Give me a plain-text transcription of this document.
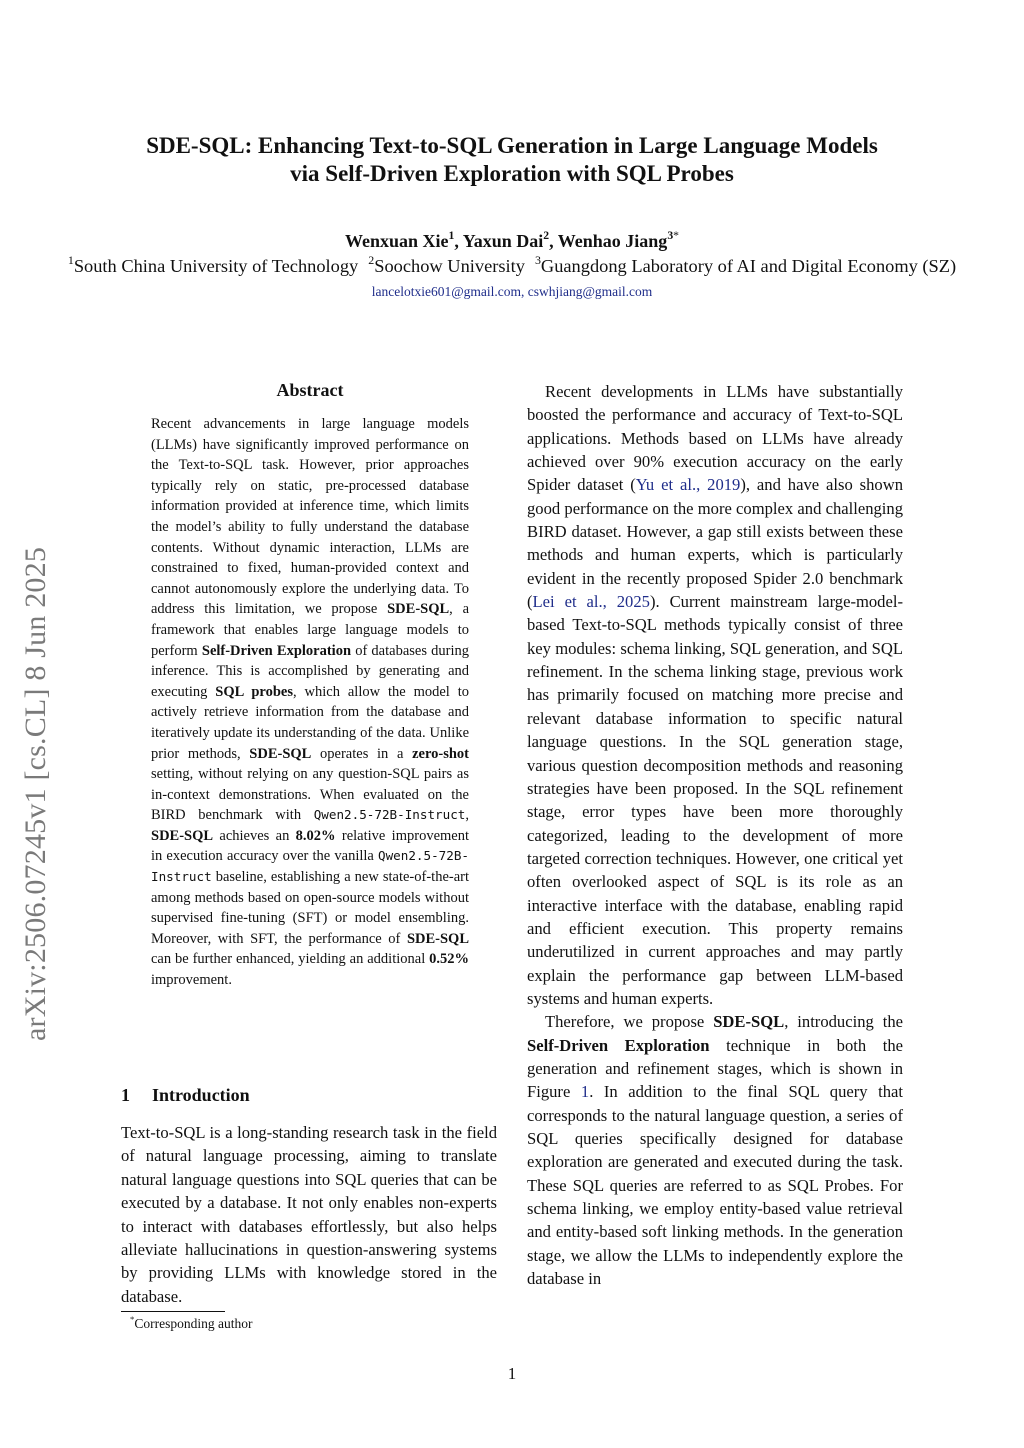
SDE-SQL: Enhancing Text-to-SQL Generation in Large Language Models
via Self-Driven Exploration with SQL Probes
Wenxuan Xie$^1$, Yaxun Dai$^2$, Wenhao Jiang$^{3*}$
$^1$South China University of Technology $^2$Soochow University $^3$Guangdong Laboratory of AI and Digital Economy (SZ)
lancelotxie601@gmail.com, cswhjiang@gmail.com
arXiv:2506.07245v1 [cs.CL] 8 Jun 2025
Abstract
Recent advancements in large language models (LLMs) have significantly improved performance on the Text-to-SQL task. However, prior approaches typically rely on static, pre-processed database information provided at inference time, which limits the model’s ability to fully understand the database contents. Without dynamic interaction, LLMs are constrained to fixed, human-provided context and cannot autonomously explore the underlying data. To address this limitation, we propose SDE-SQL, a framework that enables large language models to perform Self-Driven Exploration of databases during inference. This is accomplished by generating and executing SQL probes, which allow the model to actively retrieve information from the database and iteratively update its understanding of the data. Unlike prior methods, SDE-SQL operates in a zero-shot setting, without relying on any question-SQL pairs as in-context demonstrations. When evaluated on the BIRD benchmark with Qwen2.5-72B-Instruct, SDE-SQL achieves an 8.02% relative improvement in execution accuracy over the vanilla Qwen2.5-72B-Instruct baseline, establishing a new state-of-the-art among methods based on open-source models without supervised fine-tuning (SFT) or model ensembling. Moreover, with SFT, the performance of SDE-SQL can be further enhanced, yielding an additional 0.52% improvement.
1 Introduction
Text-to-SQL is a long-standing research task in the field of natural language processing, aiming to translate natural language questions into SQL queries that can be executed by a database. It not only enables non-experts to interact with databases effortlessly, but also helps alleviate hallucinations in question-answering systems by providing LLMs with knowledge stored in the database.
*Corresponding author

Recent developments in LLMs have substantially boosted the performance and accuracy of Text-to-SQL applications. Methods based on LLMs have already achieved over 90% execution accuracy on the early Spider dataset (Yu et al., 2019), and have also shown good performance on the more complex and challenging BIRD dataset. However, a gap still exists between these methods and human experts, which is particularly evident in the recently proposed Spider 2.0 benchmark (Lei et al., 2025). Current mainstream large-model-based Text-to-SQL methods typically consist of three key modules: schema linking, SQL generation, and SQL refinement. In the schema linking stage, previous work has primarily focused on matching more precise and relevant database information to specific natural language questions. In the SQL generation stage, various question decomposition methods and reasoning strategies have been proposed. In the SQL refinement stage, error types have been more thoroughly categorized, leading to the development of more targeted correction techniques. However, one critical yet often overlooked aspect of SQL is its role as an interactive interface with the database, enabling rapid and efficient execution. This property remains underutilized in current approaches and may partly explain the performance gap between LLM-based systems and human experts.

Therefore, we propose SDE-SQL, introducing the Self-Driven Exploration technique in both the generation and refinement stages, which is shown in Figure 1. In addition to the final SQL query that corresponds to the natural language question, a series of SQL queries specifically designed for database exploration are generated and executed during the task. These SQL queries are referred to as SQL Probes. For schema linking, we employ entity-based value retrieval and entity-based soft linking methods. In the generation stage, we allow the LLMs to independently explore the database in

1
